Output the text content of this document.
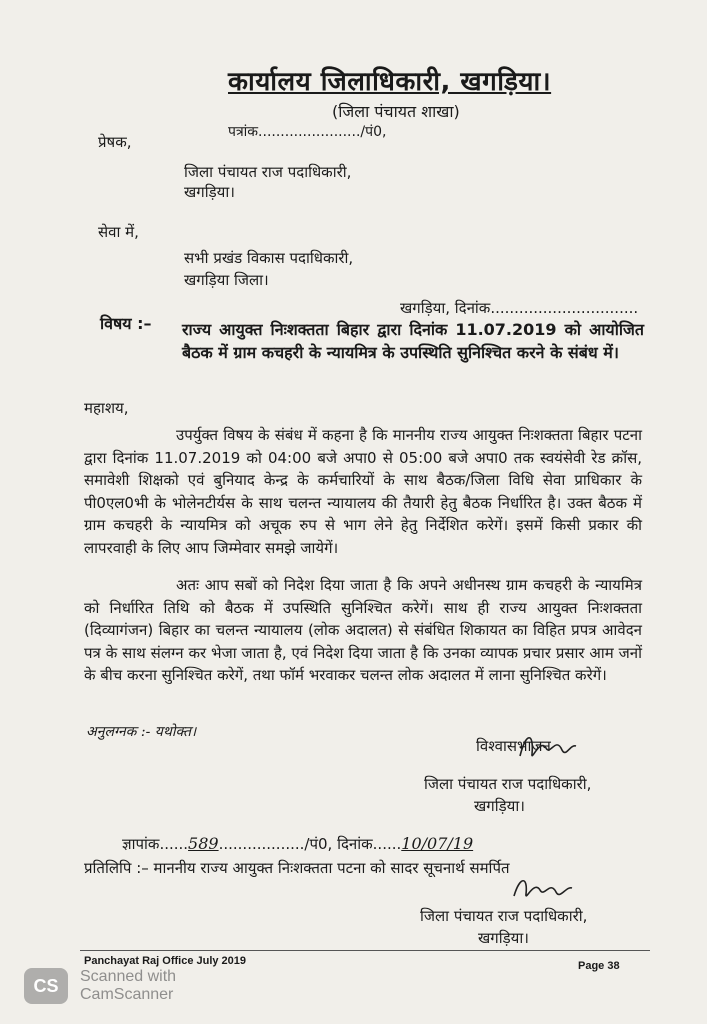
कार्यालय जिलाधिकारी, खगड़िया।
(जिला पंचायत शाखा)
पत्रांक......................./पं0,
प्रेषक,
जिला पंचायत राज पदाधिकारी,
खगड़िया।
सेवा में,
सभी प्रखंड विकास पदाधिकारी,
खगड़िया जिला।
खगड़िया, दिनांक...............................
विषय :– राज्य आयुक्त निःशक्तता बिहार द्वारा दिनांक 11.07.2019 को आयोजित बैठक में ग्राम कचहरी के न्यायमित्र के उपस्थिति सुनिश्चित करने के संबंध में।
महाशय,
उपर्युक्त विषय के संबंध में कहना है कि माननीय राज्य आयुक्त निःशक्तता बिहार पटना द्वारा दिनांक 11.07.2019 को 04:00 बजे अपा0 से 05:00 बजे अपा0 तक स्वयंसेवी रेड क्रॉस, समावेशी शिक्षको एवं बुनियाद केन्द्र के कर्मचारियों के साथ बैठक/जिला विधि सेवा प्राधिकार के पी0एल0भी के भोलेनटीर्यस के साथ चलन्त न्यायालय की तैयारी हेतु बैठक निर्धारित है। उक्त बैठक में ग्राम कचहरी के न्यायमित्र को अचूक रुप से भाग लेने हेतु निर्देशित करेगें। इसमें किसी प्रकार की लापरवाही के लिए आप जिम्मेवार समझे जायेगें।
अतः आप सबों को निदेश दिया जाता है कि अपने अधीनस्थ ग्राम कचहरी के न्यायमित्र को निर्धारित तिथि को बैठक में उपस्थिति सुनिश्चित करेगें। साथ ही राज्य आयुक्त निःशक्तता (दिव्यागंजन) बिहार का चलन्त न्यायालय (लोक अदालत) से संबंधित शिकायत का विहित प्रपत्र आवेदन पत्र के साथ संलग्न कर भेजा जाता है, एवं निदेश दिया जाता है कि उनका व्यापक प्रचार प्रसार आम जनों के बीच करना सुनिश्चित करेगें, तथा फॉर्म भरवाकर चलन्त लोक अदालत में लाना सुनिश्चित करेगें।
अनुलग्नक :- यथोक्त।
विश्वासभाजन
जिला पंचायत राज पदाधिकारी,
खगड़िया।
ज्ञापांक......589................../पं0, दिनांक......10/07/19
प्रतिलिपि :– माननीय राज्य आयुक्त निःशक्तता पटना को सादर सूचनार्थ समर्पित
जिला पंचायत राज पदाधिकारी,
खगड़िया।
Panchayat Raj Office July 2019	Page 38
CS	Scanned with
CamScanner
